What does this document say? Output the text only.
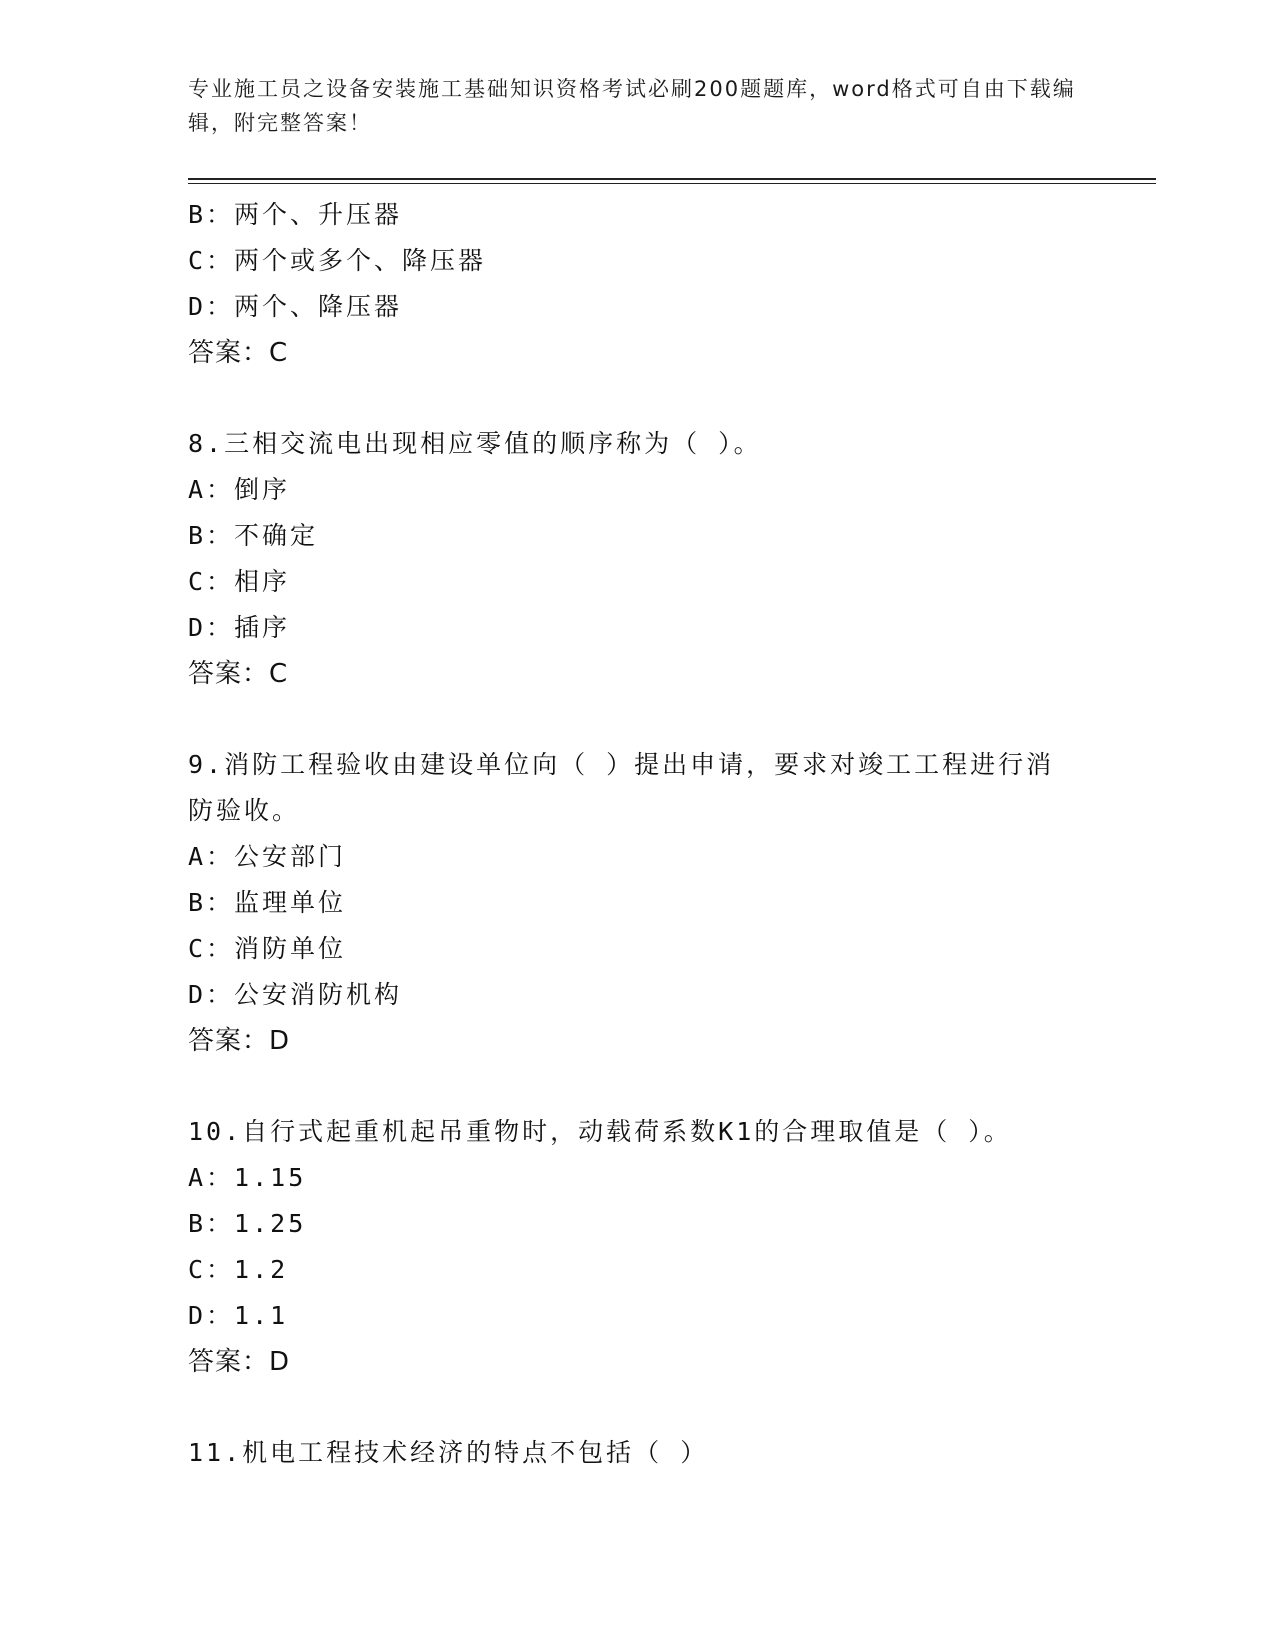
专业施工员之设备安装施工基础知识资格考试必刷200题题库，word格式可自由下载编辑，附完整答案！
B：两个、升压器
C：两个或多个、降压器
D：两个、降压器
答案：C
8.三相交流电出现相应零值的顺序称为（ ）。
A：倒序
B：不确定
C：相序
D：插序
答案：C
9.消防工程验收由建设单位向（ ）提出申请，要求对竣工工程进行消防验收。
A：公安部门
B：监理单位
C：消防单位
D：公安消防机构
答案：D
10.自行式起重机起吊重物时，动载荷系数K1的合理取值是（ ）。
A：1.15
B：1.25
C：1.2
D：1.1
答案：D
11.机电工程技术经济的特点不包括（ ）
